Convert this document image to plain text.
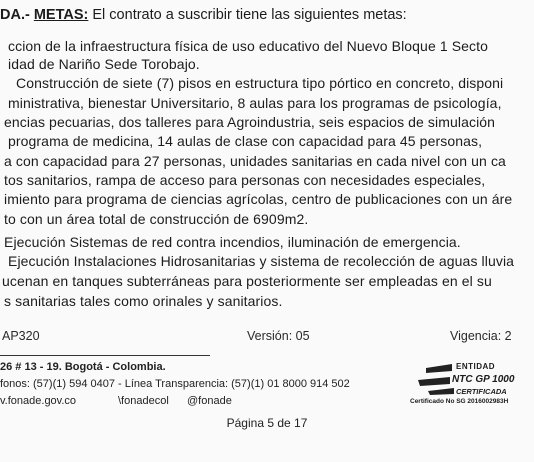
DA.- METAS: El contrato a suscribir tiene las siguientes metas:
ccion de la infraestructura física de uso educativo del Nuevo Bloque 1 Secto
idad de Nariño Sede Torobajo.
Construcción de siete (7) pisos en estructura tipo pórtico en concreto, disponi
ministrativa, bienestar Universitario, 8 aulas para los programas de psicología,
encias pecuarias, dos talleres para Agroindustria, seis espacios de simulación
programa de medicina, 14 aulas de clase con capacidad para 45 personas,
a con capacidad para 27 personas, unidades sanitarias en cada nivel con un ca
tos sanitarios, rampa de acceso para personas con necesidades especiales,
imiento para programa de ciencias agrícolas, centro de publicaciones con un áre
to con un área total de construcción de 6909m2.
Ejecución Sistemas de red contra incendios, iluminación de emergencia.
Ejecución Instalaciones Hidrosanitarias y sistema de recolección de aguas lluvia
ucenan en tanques subterráneas para posteriormente ser empleadas en el su
s sanitarias tales como orinales y sanitarios.
AP320	Versión: 05	Vigencia: 2
26 # 13 - 19. Bogotá - Colombia.
fonos: (57)(1) 594 0407 - Línea Transparencia: (57)(1) 01 8000 914 502
v.fonade.gov.co	\fonadecol @fonade
ENTIDAD
NTC GP 1000
CERTIFICADA
Certificado No SG 2016002983H
Página 5 de 17
